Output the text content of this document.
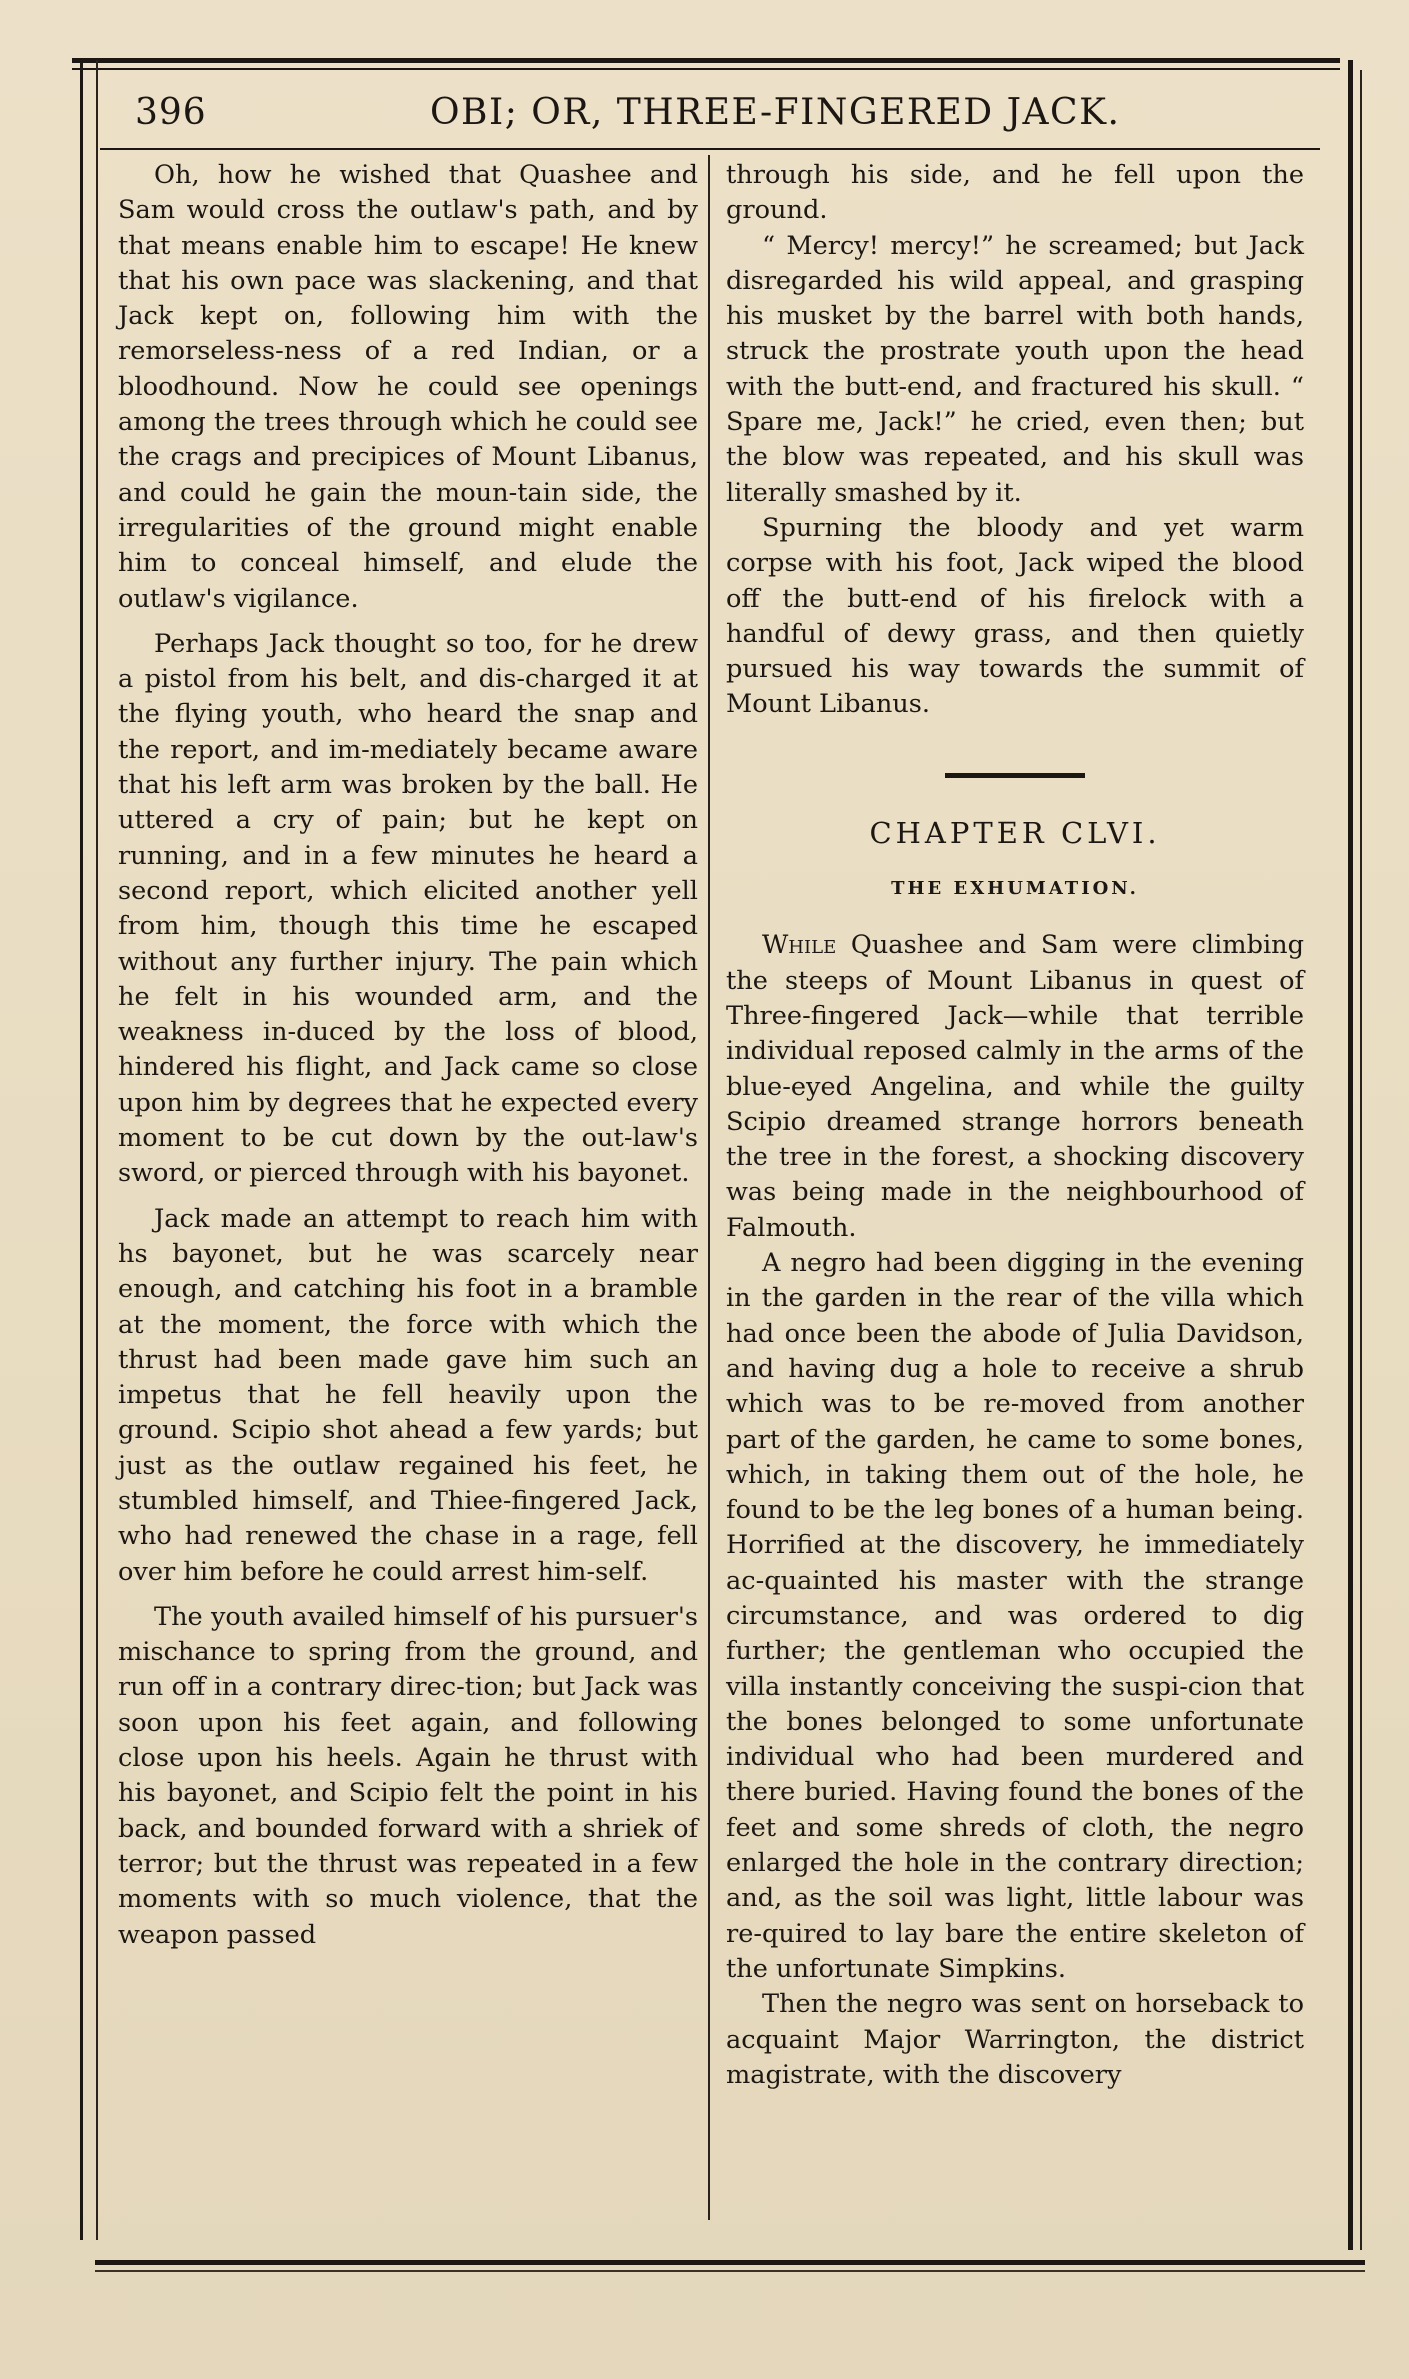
396	OBI; OR, THREE-FINGERED JACK.

Oh, how he wished that Quashee and Sam would cross the outlaw's path, and by that means enable him to escape! He knew that his own pace was slackening, and that Jack kept on, following him with the remorseless-ness of a red Indian, or a bloodhound. Now he could see openings among the trees through which he could see the crags and precipices of Mount Libanus, and could he gain the moun-tain side, the irregularities of the ground might enable him to conceal himself, and elude the outlaw's vigilance.

Perhaps Jack thought so too, for he drew a pistol from his belt, and dis-charged it at the flying youth, who heard the snap and the report, and im-mediately became aware that his left arm was broken by the ball. He uttered a cry of pain; but he kept on running, and in a few minutes he heard a second report, which elicited another yell from him, though this time he escaped without any further injury. The pain which he felt in his wounded arm, and the weakness in-duced by the loss of blood, hindered his flight, and Jack came so close upon him by degrees that he expected every moment to be cut down by the out-law's sword, or pierced through with his bayonet.

Jack made an attempt to reach him with hs bayonet, but he was scarcely near enough, and catching his foot in a bramble at the moment, the force with which the thrust had been made gave him such an impetus that he fell heavily upon the ground. Scipio shot ahead a few yards; but just as the outlaw regained his feet, he stumbled himself, and Thiee-fingered Jack, who had renewed the chase in a rage, fell over him before he could arrest him-self.

The youth availed himself of his pursuer's mischance to spring from the ground, and run off in a contrary direc-tion; but Jack was soon upon his feet again, and following close upon his heels. Again he thrust with his bayonet, and Scipio felt the point in his back, and bounded forward with a shriek of terror; but the thrust was repeated in a few moments with so much violence, that the weapon passed

through his side, and he fell upon the ground.

“ Mercy! mercy!” he screamed; but Jack disregarded his wild appeal, and grasping his musket by the barrel with both hands, struck the prostrate youth upon the head with the butt-end, and fractured his skull. “ Spare me, Jack!” he cried, even then; but the blow was repeated, and his skull was literally smashed by it.

Spurning the bloody and yet warm corpse with his foot, Jack wiped the blood off the butt-end of his firelock with a handful of dewy grass, and then quietly pursued his way towards the summit of Mount Libanus.

CHAPTER CLVI.
THE EXHUMATION.

While Quashee and Sam were climbing the steeps of Mount Libanus in quest of Three-fingered Jack—while that terrible individual reposed calmly in the arms of the blue-eyed Angelina, and while the guilty Scipio dreamed strange horrors beneath the tree in the forest, a shocking discovery was being made in the neighbourhood of Falmouth.

A negro had been digging in the evening in the garden in the rear of the villa which had once been the abode of Julia Davidson, and having dug a hole to receive a shrub which was to be re-moved from another part of the garden, he came to some bones, which, in taking them out of the hole, he found to be the leg bones of a human being. Horrified at the discovery, he immediately ac-quainted his master with the strange circumstance, and was ordered to dig further; the gentleman who occupied the villa instantly conceiving the suspi-cion that the bones belonged to some unfortunate individual who had been murdered and there buried. Having found the bones of the feet and some shreds of cloth, the negro enlarged the hole in the contrary direction; and, as the soil was light, little labour was re-quired to lay bare the entire skeleton of the unfortunate Simpkins.

Then the negro was sent on horseback to acquaint Major Warrington, the district magistrate, with the discovery
